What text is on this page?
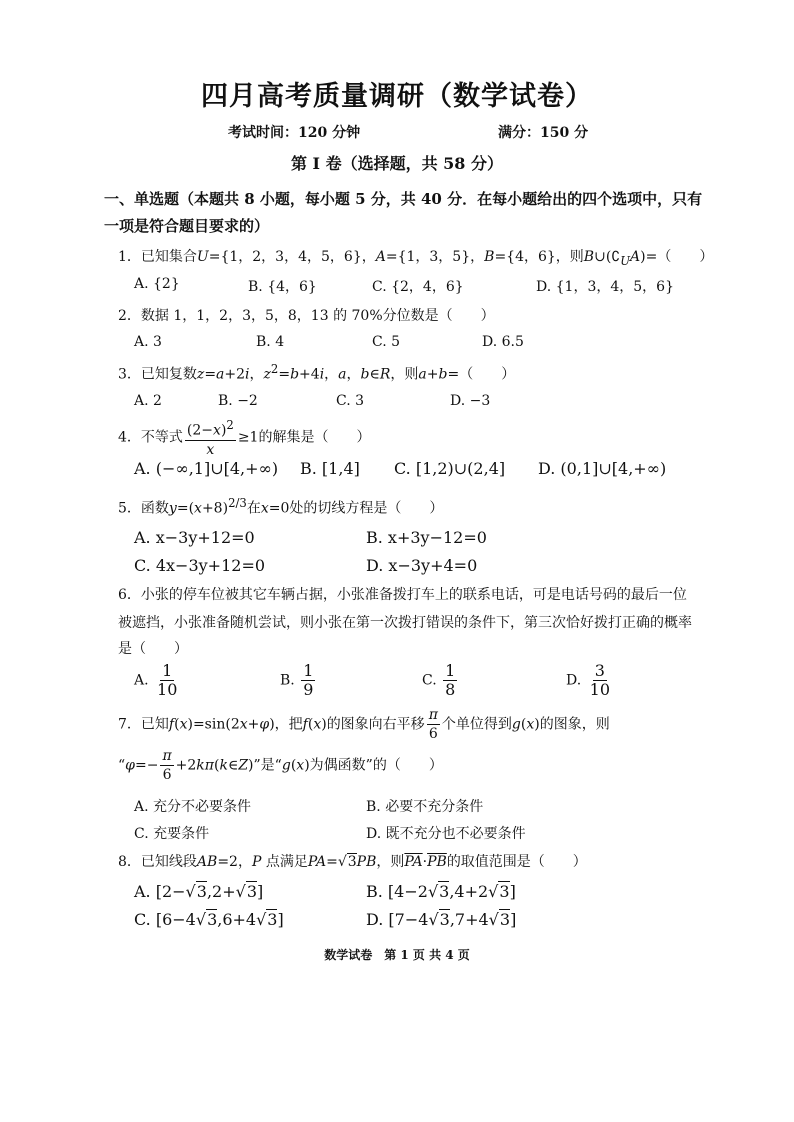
四月高考质量调研（数学试卷）
考试时间：120 分钟	满分：150 分
第 I 卷（选择题，共 58 分）
一、单选题（本题共 8 小题，每小题 5 分，共 40 分．在每小题给出的四个选项中，只有一项是符合题目要求的）
1．已知集合U={1，2，3，4，5，6}，A={1，3，5}，B={4，6}，则$B\cup(∁_UA)=$（　　）
A. {2}	B. {4，6}	C. {2，4，6}	D. {1，3，4，5，6}
2．数据 1，1，2，3，5，8，13 的 70%分位数是（　　）
A. 3	B. 4	C. 5	D. 6.5
3．已知复数z=a+2i，$z^2=b+4i$，a，b∈R，则a+b=（　　）
A. 2	B. −2	C. 3	D. −3
4．不等式 $\frac{(2-x)^2}{x} \ge 1$的解集是（　　）
A. (−∞,1]∪[4,+∞) B. [1,4] C. [1,2)∪(2,4] D. (0,1]∪[4,+∞)
5．函数$y=(x+8)^{2/3}$在x=0处的切线方程是（　　）
A. x−3y+12=0	B. x+3y−12=0
C. 4x−3y+12=0	D. x−3y+4=0
6．小张的停车位被其它车辆占据，小张准备拨打车上的联系电话，可是电话号码的最后一位
被遮挡，小张准备随机尝试，则小张在第一次拨打错误的条件下，第三次恰好拨打正确的概率
是（　　）
A. $\frac{1}{10}$	B. $\frac{1}{9}$	C. $\frac{1}{8}$	D. $\frac{3}{10}$
7．已知f(x)=sin(2x+φ)，把f(x)的图象向右平移 $\frac{\pi}{6}$ 个单位得到g(x)的图象，则
“$\varphi=- \frac{\pi}{6}$ +2kπ(k∈Z)”是“g(x)为偶函数”的（　　）
A. 充分不必要条件	B. 必要不充分条件
C. 充要条件	D. 既不充分也不必要条件
8．已知线段AB=2，P 点满足PA=√3PB，则$\overline{PA}\cdot\overline{PB}$的取值范围是（　　）
A. [2−√3,2+√3]	B. [4−2√3,4+2√3]
C. [6−4√3,6+4√3]	D. [7−4√3,7+4√3]
数学试卷　第 1 页 共 4 页
